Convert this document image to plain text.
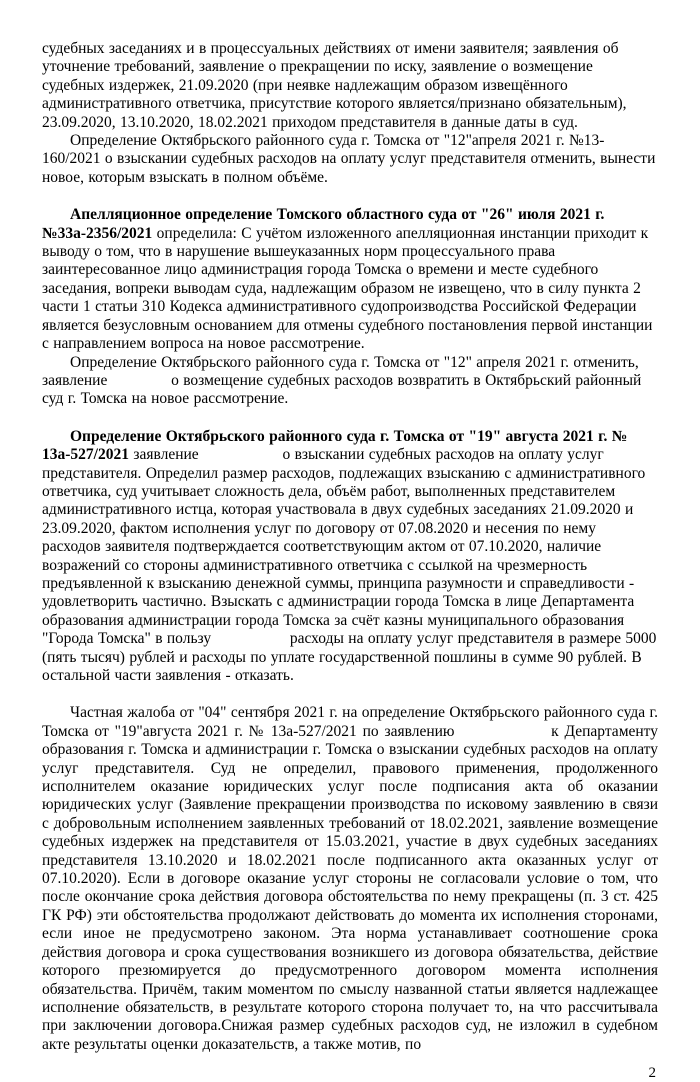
судебных заседаниях и в процессуальных действиях от имени заявителя; заявления об уточнение требований, заявление о прекращении по иску, заявление о возмещение судебных издержек, 21.09.2020 (при неявке надлежащим образом извещённого административного ответчика, присутствие которого является/признано обязательным), 23.09.2020, 13.10.2020, 18.02.2021 приходом представителя в данные даты в суд.

Определение Октябрьского районного суда г. Томска от "12"апреля 2021 г. №13-160/2021 о взыскании судебных расходов на оплату услуг представителя отменить, вынести новое, которым взыскать в полном объёме.

Апелляционное определение Томского областного суда от "26" июля 2021 г. №33а-2356/2021 определила: С учётом изложенного апелляционная инстанции приходит к выводу о том, что в нарушение вышеуказанных норм процессуального права заинтересованное лицо администрация города Томска о времени и месте судебного заседания, вопреки выводам суда, надлежащим образом не извещено, что в силу пункта 2 части 1 статьи 310 Кодекса административного судопроизводства Российской Федерации является безусловным основанием для отмены судебного постановления первой инстанции с направлением вопроса на новое рассмотрение.

Определение Октябрьского районного суда г. Томска от "12" апреля 2021 г. отменить, заявление	о возмещение судебных расходов возвратить в Октябрьский районный суд г. Томска на новое рассмотрение.

Определение Октябрьского районного суда г. Томска от "19" августа 2021 г. № 13а-527/2021 заявление	о взыскании судебных расходов на оплату услуг представителя. Определил размер расходов, подлежащих взысканию с административного ответчика, суд учитывает сложность дела, объём работ, выполненных представителем административного истца, которая участвовала в двух судебных заседаниях 21.09.2020 и 23.09.2020, фактом исполнения услуг по договору от 07.08.2020 и несения по нему расходов заявителя подтверждается соответствующим актом от 07.10.2020, наличие возражений со стороны административного ответчика с ссылкой на чрезмерность предъявленной к взысканию денежной суммы, принципа разумности и справедливости - удовлетворить частично. Взыскать с администрации города Томска в лице Департамента образования администрации города Томска за счёт казны муниципального образования "Города Томска" в пользу	расходы на оплату услуг представителя в размере 5000 (пять тысяч) рублей и расходы по уплате государственной пошлины в сумме 90 рублей. В остальной части заявления - отказать.

Частная жалоба от "04" сентября 2021 г. на определение Октябрьского районного суда г. Томска от "19"августа 2021 г. № 13а-527/2021 по заявлению	к Департаменту образования г. Томска и администрации г. Томска о взыскании судебных расходов на оплату услуг представителя. Суд не определил, правового применения, продолженного исполнителем оказание юридических услуг после подписания акта об оказании юридических услуг (Заявление прекращении производства по исковому заявлению в связи с добровольным исполнением заявленных требований от 18.02.2021, заявление возмещение судебных издержек на представителя от 15.03.2021, участие в двух судебных заседаниях представителя 13.10.2020 и 18.02.2021 после подписанного акта оказанных услуг от 07.10.2020). Если в договоре оказание услуг стороны не согласовали условие о том, что после окончание срока действия договора обстоятельства по нему прекращены (п. 3 ст. 425 ГК РФ) эти обстоятельства продолжают действовать до момента их исполнения сторонами, если иное не предусмотрено законом. Эта норма устанавливает соотношение срока действия договора и срока существования возникшего из договора обязательства, действие которого презюмируется до предусмотренного договором момента исполнения обязательства. Причём, таким моментом по смыслу названной статьи является надлежащее исполнение обязательств, в результате которого сторона получает то, на что рассчитывала при заключении договора.Снижая размер судебных расходов суд, не изложил в судебном акте результаты оценки доказательств, а также мотив, по

2
